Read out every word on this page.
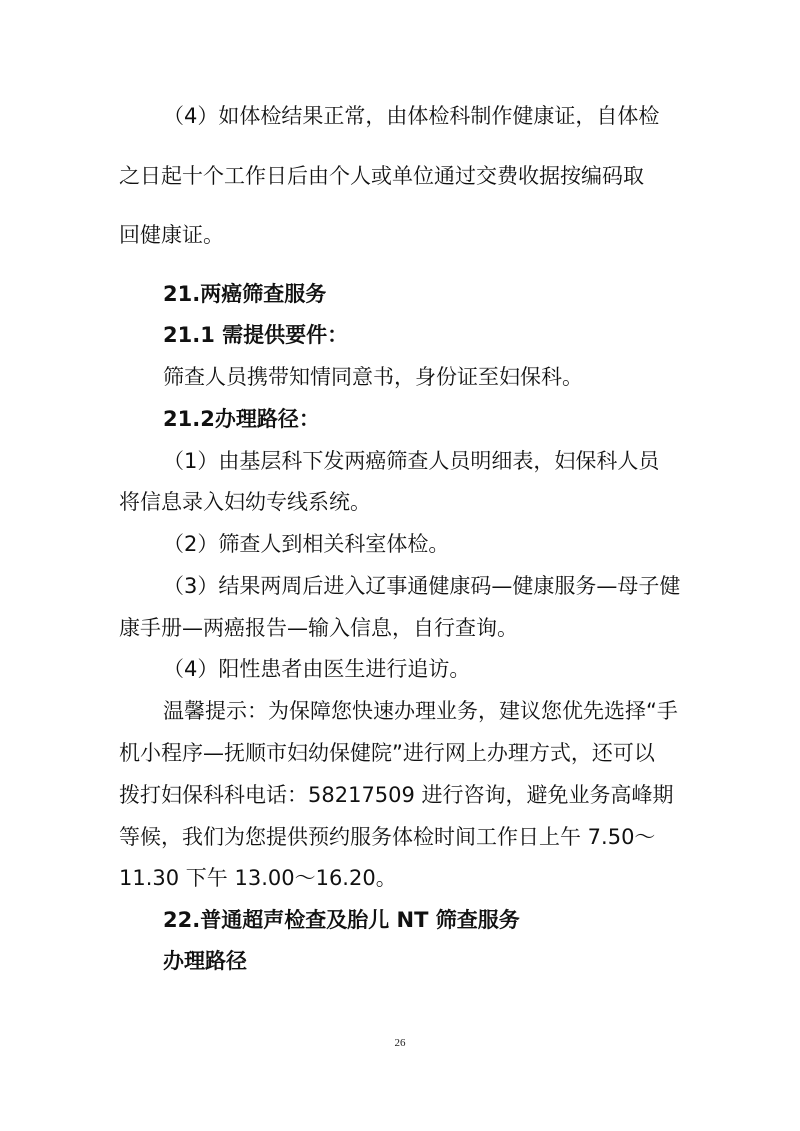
（4）如体检结果正常，由体检科制作健康证，自体检
之日起十个工作日后由个人或单位通过交费收据按编码取
回健康证。
21.两癌筛查服务
21.1 需提供要件：
筛查人员携带知情同意书，身份证至妇保科。
21.2办理路径：
（1）由基层科下发两癌筛查人员明细表，妇保科人员
将信息录入妇幼专线系统。
（2）筛查人到相关科室体检。
（3）结果两周后进入辽事通健康码—健康服务—母子健
康手册—两癌报告—输入信息，自行查询。
（4）阳性患者由医生进行追访。
温馨提示：为保障您快速办理业务，建议您优先选择“手
机小程序—抚顺市妇幼保健院”进行网上办理方式，还可以
拨打妇保科科电话：58217509 进行咨询，避免业务高峰期
等候，我们为您提供预约服务体检时间工作日上午 7.50～
11.30 下午 13.00～16.20。
22.普通超声检查及胎儿 NT 筛查服务
办理路径
26
